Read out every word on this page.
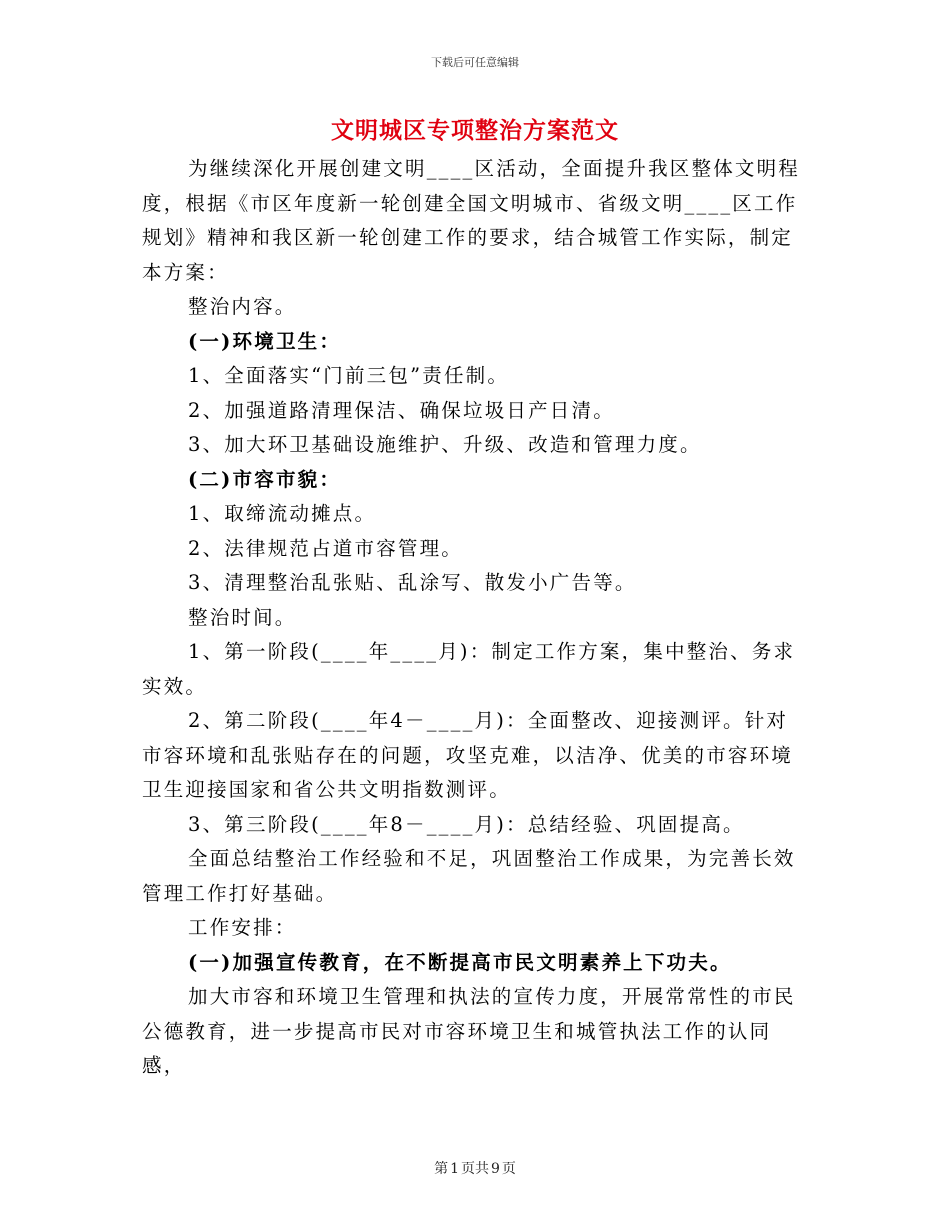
下载后可任意编辑
文明城区专项整治方案范文

为继续深化开展创建文明____区活动，全面提升我区整体文明程度，根据《市区年度新一轮创建全国文明城市、省级文明____区工作规划》精神和我区新一轮创建工作的要求，结合城管工作实际，制定本方案：

整治内容。

(一)环境卫生：

1、全面落实“门前三包”责任制。

2、加强道路清理保洁、确保垃圾日产日清。

3、加大环卫基础设施维护、升级、改造和管理力度。

(二)市容市貌：

1、取缔流动摊点。

2、法律规范占道市容管理。

3、清理整治乱张贴、乱涂写、散发小广告等。

整治时间。

1、第一阶段(____年____月)：制定工作方案，集中整治、务求实效。

2、第二阶段(____年4－____月)：全面整改、迎接测评。针对市容环境和乱张贴存在的问题，攻坚克难，以洁净、优美的市容环境卫生迎接国家和省公共文明指数测评。

3、第三阶段(____年8－____月)：总结经验、巩固提高。

全面总结整治工作经验和不足，巩固整治工作成果，为完善长效管理工作打好基础。

工作安排：

(一)加强宣传教育，在不断提高市民文明素养上下功夫。

加大市容和环境卫生管理和执法的宣传力度，开展常常性的市民公德教育，进一步提高市民对市容环境卫生和城管执法工作的认同感，

第 1 页共 9 页
